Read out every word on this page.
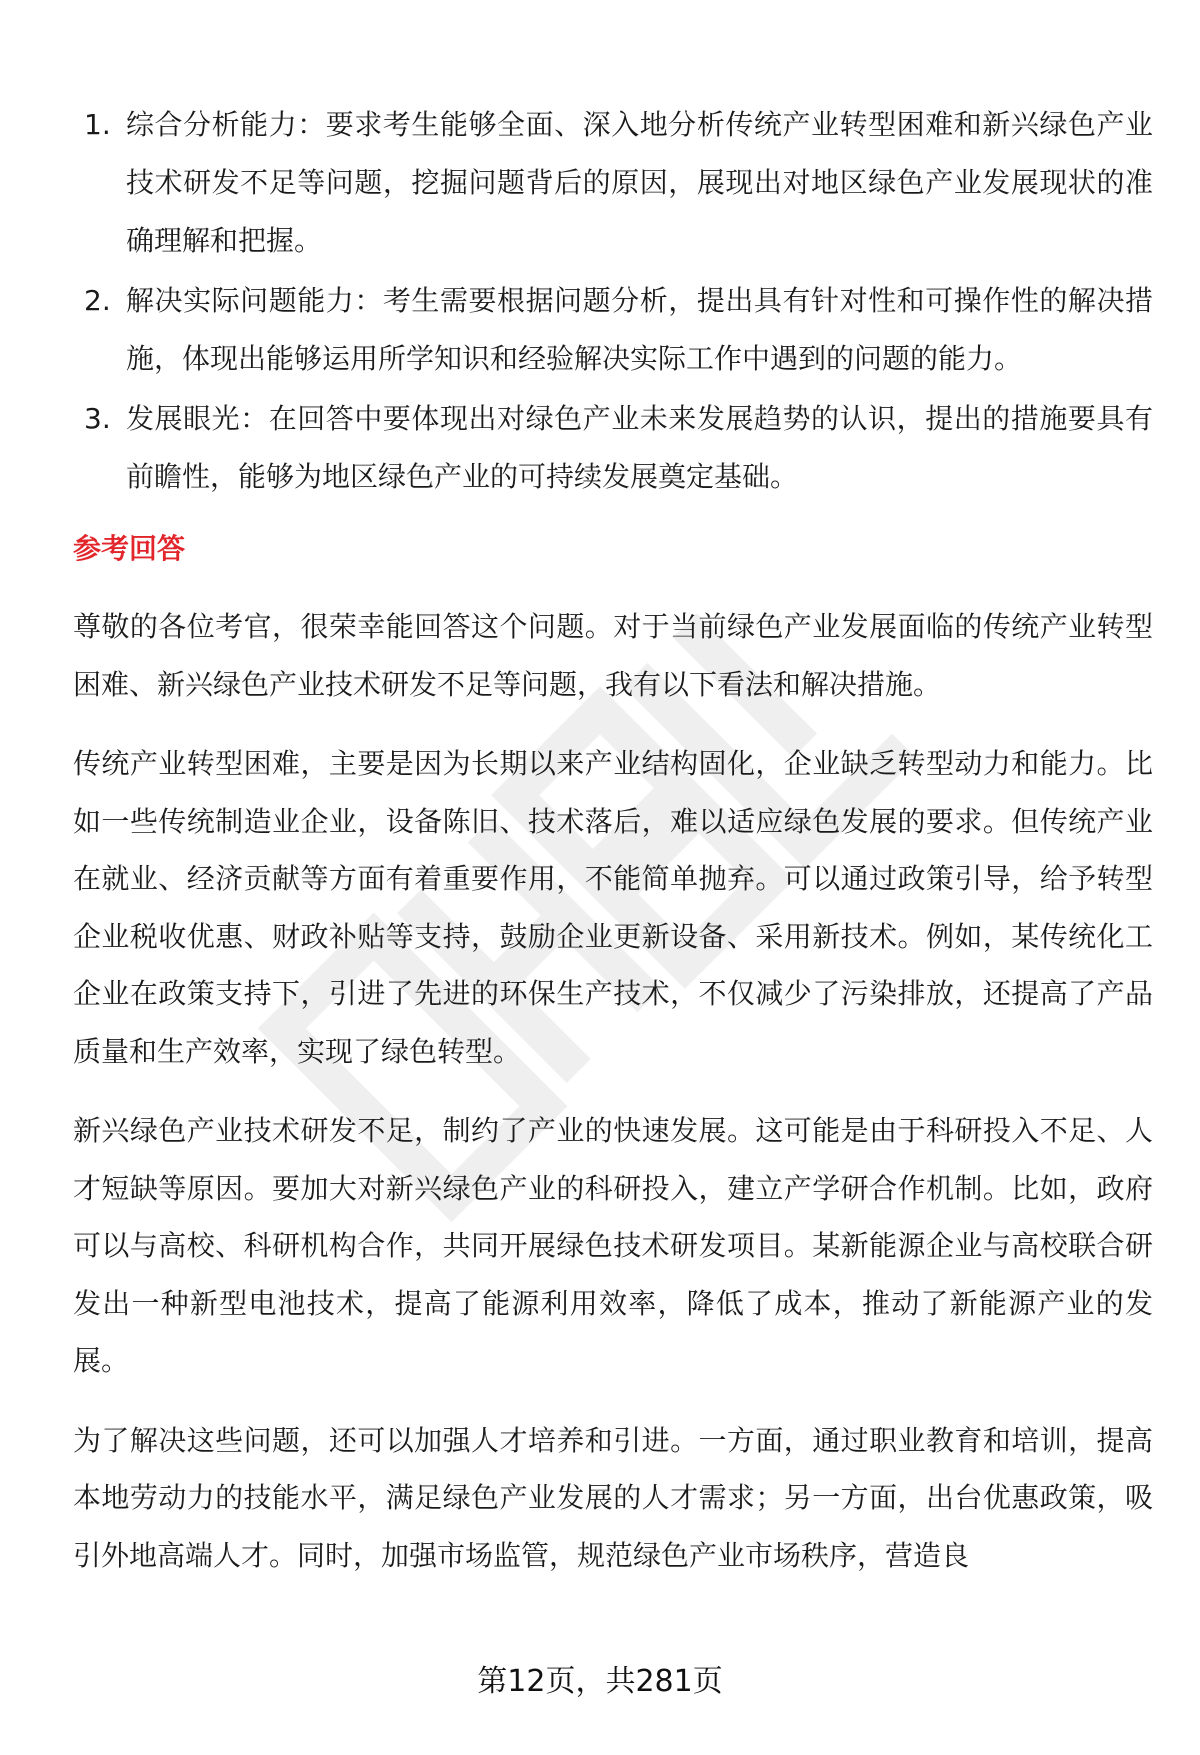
1. 综合分析能力：要求考生能够全面、深入地分析传统产业转型困难和新兴绿色产业技术研发不足等问题，挖掘问题背后的原因，展现出对地区绿色产业发展现状的准确理解和把握。
2. 解决实际问题能力：考生需要根据问题分析，提出具有针对性和可操作性的解决措施，体现出能够运用所学知识和经验解决实际工作中遇到的问题的能力。
3. 发展眼光：在回答中要体现出对绿色产业未来发展趋势的认识，提出的措施要具有前瞻性，能够为地区绿色产业的可持续发展奠定基础。
参考回答

尊敬的各位考官，很荣幸能回答这个问题。对于当前绿色产业发展面临的传统产业转型困难、新兴绿色产业技术研发不足等问题，我有以下看法和解决措施。

传统产业转型困难，主要是因为长期以来产业结构固化，企业缺乏转型动力和能力。比如一些传统制造业企业，设备陈旧、技术落后，难以适应绿色发展的要求。但传统产业在就业、经济贡献等方面有着重要作用，不能简单抛弃。可以通过政策引导，给予转型企业税收优惠、财政补贴等支持，鼓励企业更新设备、采用新技术。例如，某传统化工企业在政策支持下，引进了先进的环保生产技术，不仅减少了污染排放，还提高了产品质量和生产效率，实现了绿色转型。

新兴绿色产业技术研发不足，制约了产业的快速发展。这可能是由于科研投入不足、人才短缺等原因。要加大对新兴绿色产业的科研投入，建立产学研合作机制。比如，政府可以与高校、科研机构合作，共同开展绿色技术研发项目。某新能源企业与高校联合研发出一种新型电池技术，提高了能源利用效率，降低了成本，推动了新能源产业的发展。

为了解决这些问题，还可以加强人才培养和引进。一方面，通过职业教育和培训，提高本地劳动力的技能水平，满足绿色产业发展的人才需求；另一方面，出台优惠政策，吸引外地高端人才。同时，加强市场监管，规范绿色产业市场秩序，营造良

第12页，共281页
